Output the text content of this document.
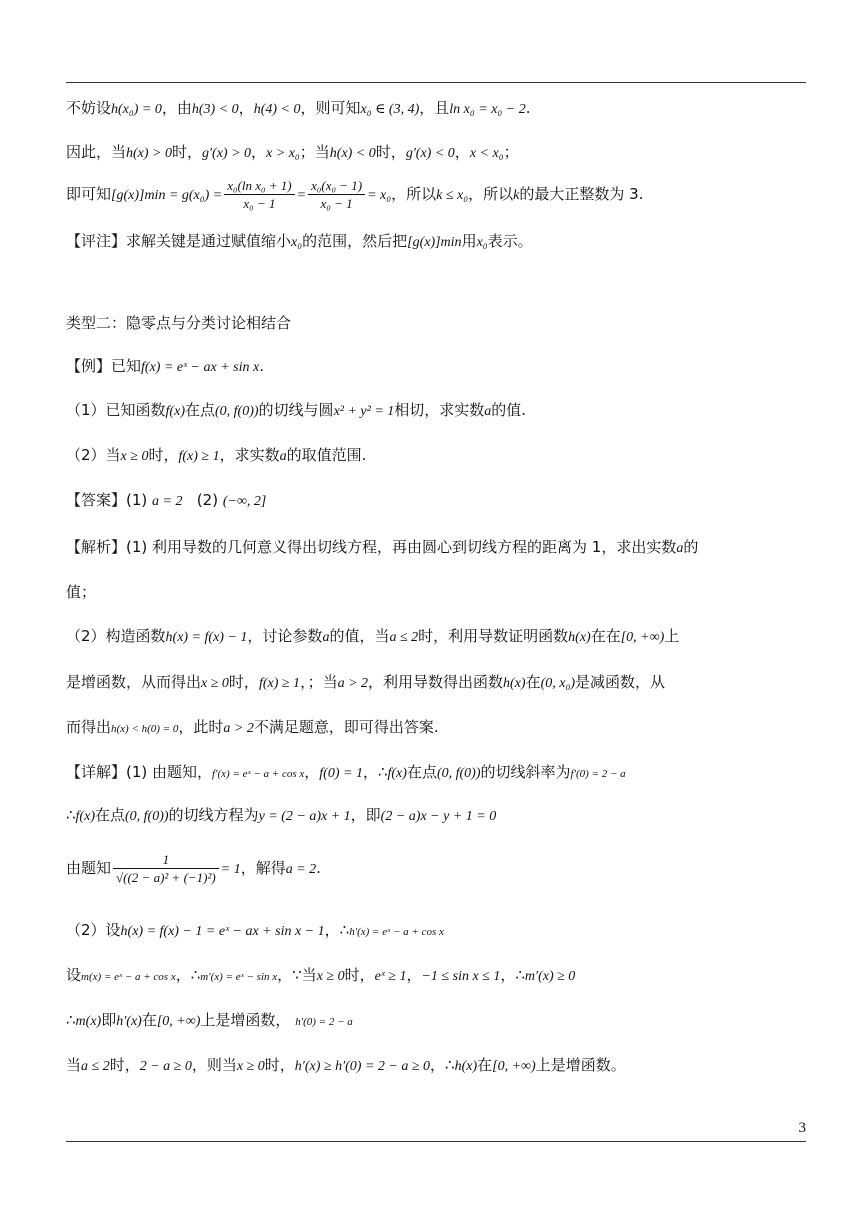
不妨设h(x₀) = 0，由h(3) < 0，h(4) < 0，则可知x₀ ∈ (3, 4)，且ln x₀ = x₀ − 2.
因此，当h(x) > 0时，g'(x) > 0，x > x₀；当h(x) < 0时，g'(x) < 0，x < x₀；
即可知$[g(x)]\min = g(x_0) = \frac{\text{x₀(ln x₀ + 1)}}{\text{x₀ − 1}} = \frac{\text{x₀(x₀ − 1)}}{\text{x₀ − 1}} = x_0$，所以k ≤ x₀，所以k的最大正整数为 3.
【评注】求解关键是通过赋值缩小x₀的范围，然后把[g(x)]min用x₀表示。
类型二：隐零点与分类讨论相结合
【例】已知f(x) = eˣ − ax + sin x.
（1）已知函数f(x)在点(0, f(0))的切线与圆x² + y² = 1相切，求实数a的值.
（2）当x ≥ 0时，f(x) ≥ 1，求实数a的取值范围.
【答案】(1) a = 2 (2) (−∞, 2]
【解析】(1) 利用导数的几何意义得出切线方程，再由圆心到切线方程的距离为 1，求出实数a的
值；
（2）构造函数h(x) = f(x) − 1，讨论参数a的值，当a ≤ 2时，利用导数证明函数h(x)在在[0, +∞)上
是增函数，从而得出x ≥ 0时，f(x) ≥ 1，；当a > 2，利用导数得出函数h(x)在(0, x₀)是减函数，从
而得出h(x) < h(0) = 0，此时a > 2不满足题意，即可得出答案.
【详解】(1) 由题知，f′(x) = eˣ − a + cos x，f(0) = 1，∴f(x)在点(0, f(0))的切线斜率为f′(0) = 2 − a
∴f(x)在点(0, f(0))的切线方程为y = (2 − a)x + 1，即(2 − a)x − y + 1 = 0
由题知 $\frac{1}{\text{√((2 − a)² + (−1)²)}} = 1$，解得a = 2.
（2）设h(x) = f(x) − 1 = eˣ − ax + sin x − 1，∴h′(x) = eˣ − a + cos x
设m(x) = eˣ − a + cos x，∴m′(x) = eˣ − sin x，∵当x ≥ 0时，eˣ ≥ 1，−1 ≤ sin x ≤ 1，∴m′(x) ≥ 0
∴m(x)即h′(x)在[0, +∞)上是增函数， h′(0) = 2 − a
当a ≤ 2时，2 − a ≥ 0，则当x ≥ 0时，h′(x) ≥ h′(0) = 2 − a ≥ 0，∴h(x)在[0, +∞)上是增函数。
3
